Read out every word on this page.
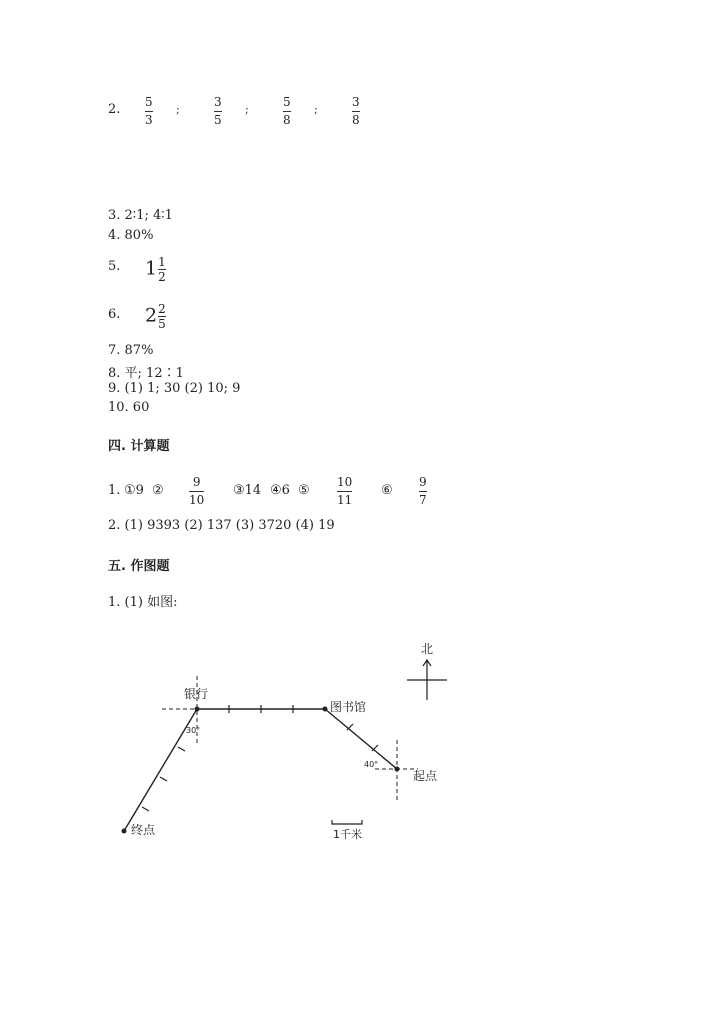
2. 5
3
;
3
5
;
5
8
;
3
8
3. 2∶1; 4∶1
4. 80%
5. $1 \frac{1}{2}$
6. $2 \frac{2}{5}$
7. 87%
8. 平; 12∶1
9. (1) 1; 30 (2) 10; 9
10. 60
四. 计算题
1. ①9 ②
9
10
③14 ④6 ⑤
10
11
⑥
9
7
2. (1) 9393 (2) 137 (3) 3720 (4) 19
五. 作图题
1. (1) 如图:
北
银行
图书馆
起点
终点
30°
40°
1千米
